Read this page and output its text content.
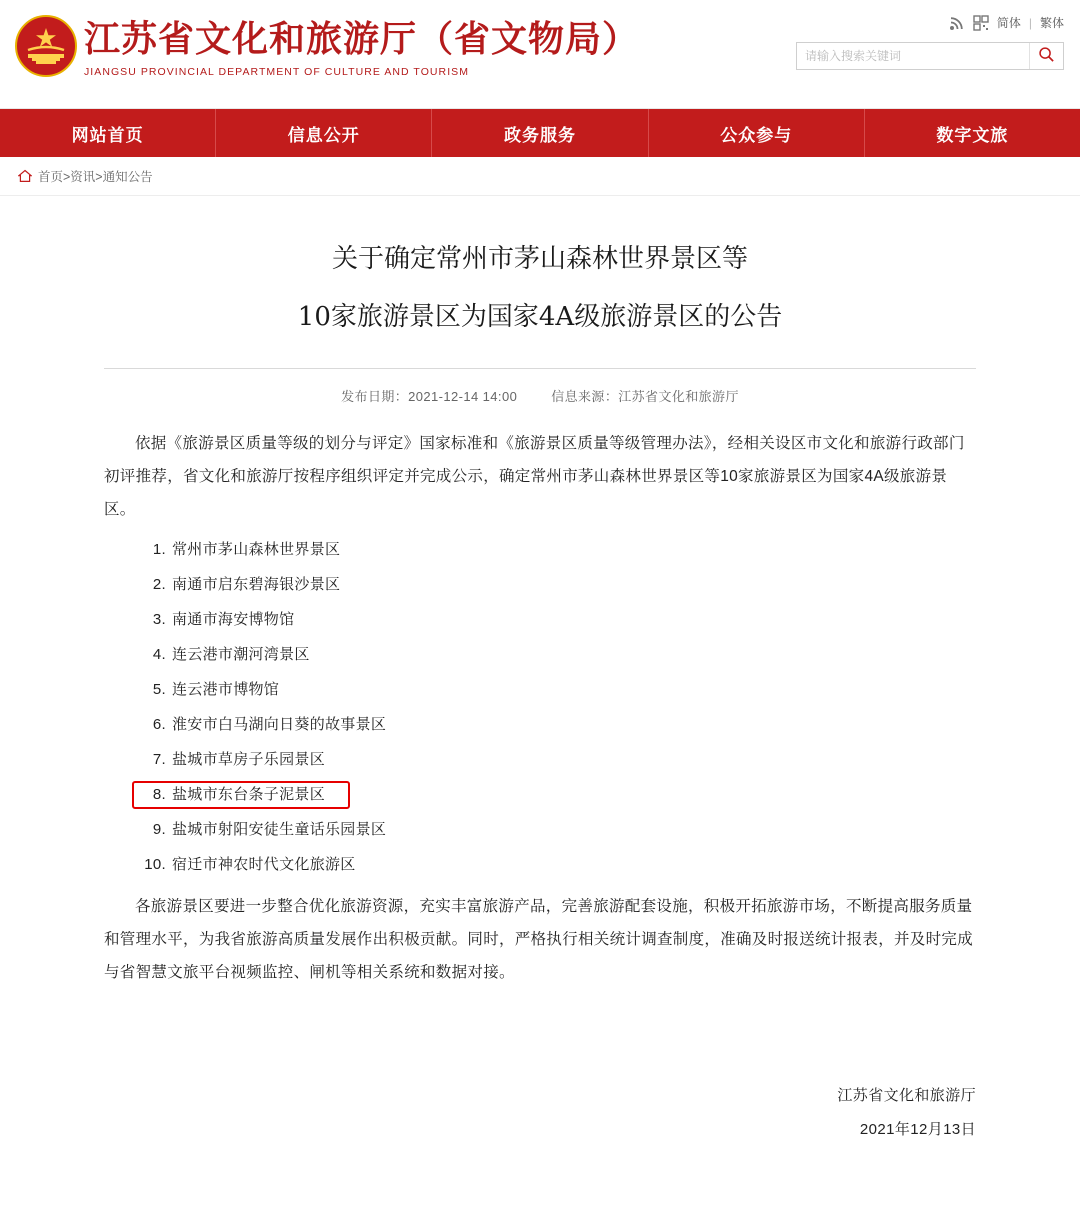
江苏省文化和旅游厅（省文物局）
JIANGSU PROVINCIAL DEPARTMENT OF CULTURE AND TOURISM
简体 | 繁体
请输入搜索关键词
网站首页	信息公开	政务服务	公众参与	数字文旅
首页>资讯>通知公告
关于确定常州市茅山森林世界景区等
10家旅游景区为国家4A级旅游景区的公告
发布日期：2021-12-14 14:00	信息来源：江苏省文化和旅游厅

依据《旅游景区质量等级的划分与评定》国家标准和《旅游景区质量等级管理办法》，经相关设区市文化和旅游行政部门初评推荐，省文化和旅游厅按程序组织评定并完成公示，确定常州市茅山森林世界景区等10家旅游景区为国家4A级旅游景区。

1. 常州市茅山森林世界景区
2. 南通市启东碧海银沙景区
3. 南通市海安博物馆
4. 连云港市潮河湾景区
5. 连云港市博物馆
6. 淮安市白马湖向日葵的故事景区
7. 盐城市草房子乐园景区
8. 盐城市东台条子泥景区
9. 盐城市射阳安徒生童话乐园景区
10. 宿迁市神农时代文化旅游区

各旅游景区要进一步整合优化旅游资源，充实丰富旅游产品，完善旅游配套设施，积极开拓旅游市场，不断提高服务质量和管理水平，为我省旅游高质量发展作出积极贡献。同时，严格执行相关统计调查制度，准确及时报送统计报表，并及时完成与省智慧文旅平台视频监控、闸机等相关系统和数据对接。

江苏省文化和旅游厅
2021年12月13日
